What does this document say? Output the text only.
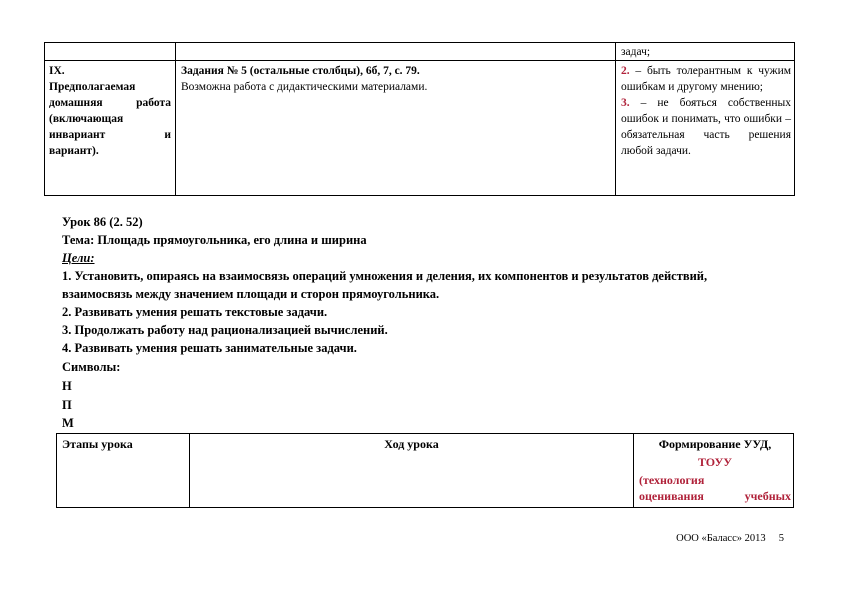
задач;
IX.
Предполагаемая
домашняя работа
(включающая
инвариант и
вариант).
Задания № 5 (остальные столбцы), 6б, 7, с. 79.
Возможна работа с дидактическими материалами.
2. – быть толерантным к чужим ошибкам и другому мнению;
3. – не бояться собственных ошибок и понимать, что ошибки – обязательная часть решения любой задачи.
Урок 86 (2. 52)
Тема: Площадь прямоугольника, его длина и ширина
Цели:
1. Установить, опираясь на взаимосвязь операций умножения и деления, их компонентов и результатов действий,
взаимосвязь между значением площади и сторон прямоугольника.
2. Развивать умения решать текстовые задачи.
3. Продолжать работу над рационализацией вычислений.
4. Развивать умения решать занимательные задачи.
Символы:
Н
П
М
Этапы урока	Ход урока	Формирование УУД,
ТОУУ
(технология
оценивания учебных
ООО «Баласс» 2013 5
